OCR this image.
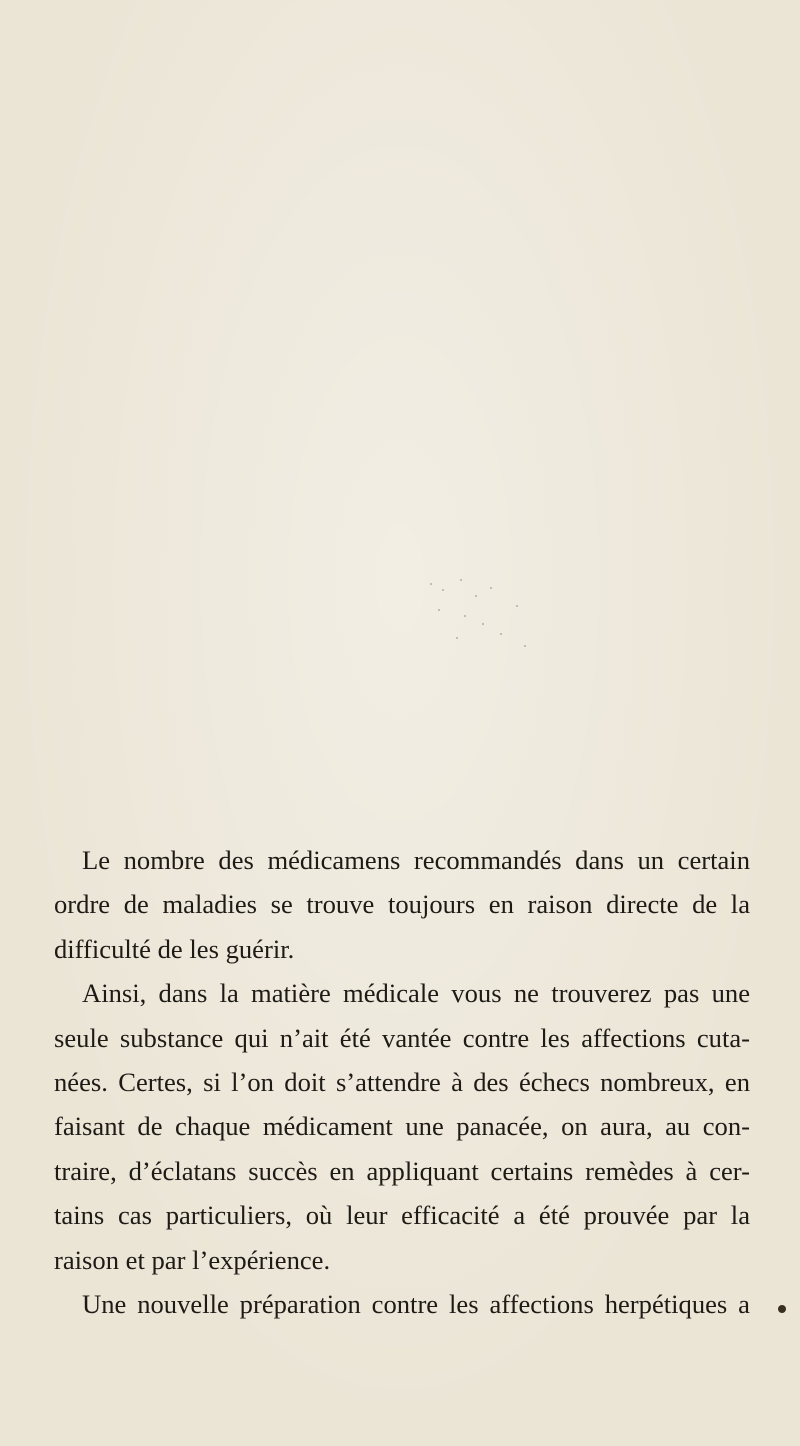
Le nombre des médicamens recommandés dans un certain
ordre de maladies se trouve toujours en raison directe de la
difficulté de les guérir.
Ainsi, dans la matière médicale vous ne trouverez pas une
seule substance qui n’ait été vantée contre les affections cuta-
nées. Certes, si l’on doit s’attendre à des échecs nombreux, en
faisant de chaque médicament une panacée, on aura, au con-
traire, d’éclatans succès en appliquant certains remèdes à cer-
tains cas particuliers, où leur efficacité a été prouvée par la
raison et par l’expérience.
Une nouvelle préparation contre les affections herpétiques a
